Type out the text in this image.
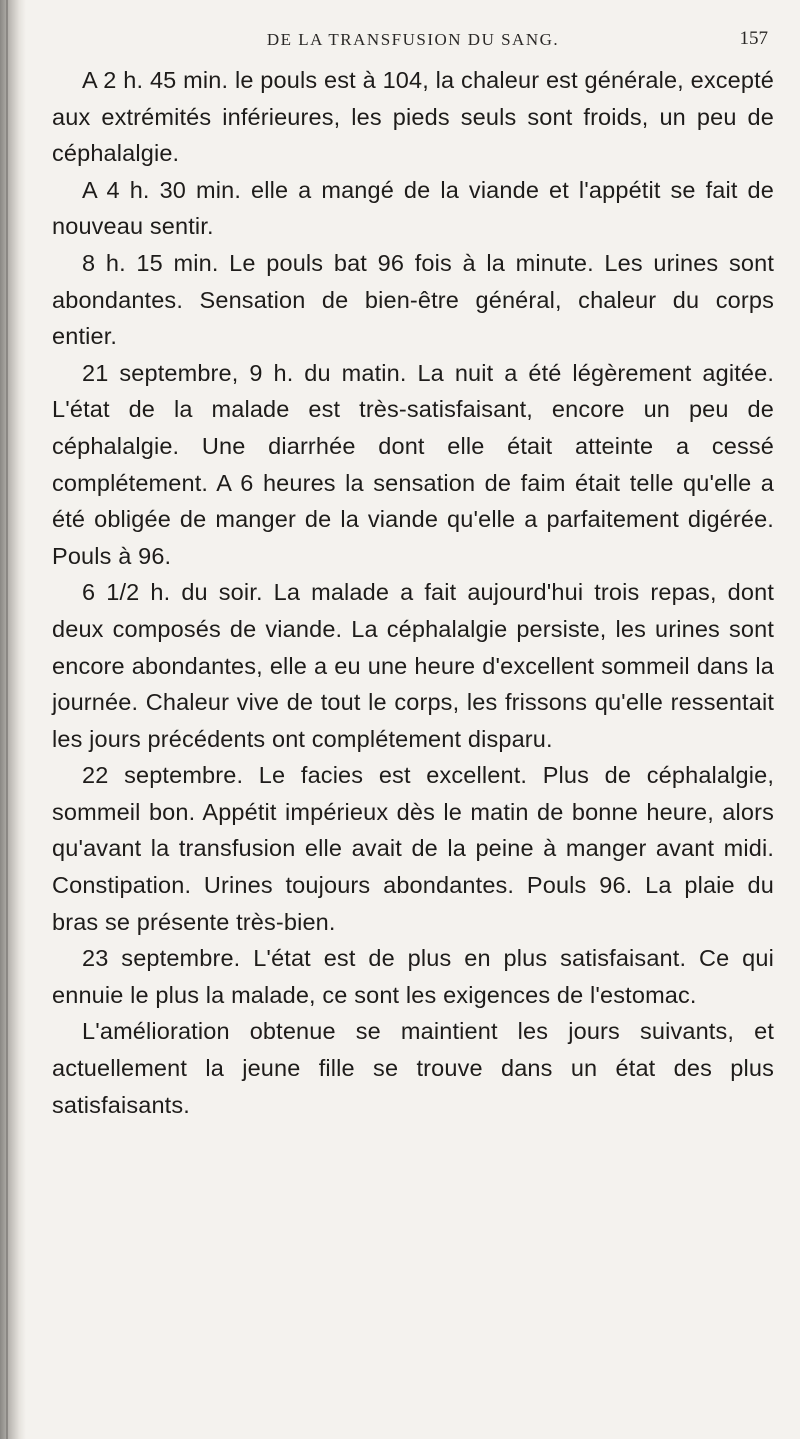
DE LA TRANSFUSION DU SANG.	157

A 2 h. 45 min. le pouls est à 104, la chaleur est générale, excepté aux extrémités inférieures, les pieds seuls sont froids, un peu de céphalalgie.

A 4 h. 30 min. elle a mangé de la viande et l'appétit se fait de nouveau sentir.

8 h. 15 min. Le pouls bat 96 fois à la minute. Les urines sont abondantes. Sensation de bien-être général, chaleur du corps entier.

21 septembre, 9 h. du matin. La nuit a été légèrement agitée. L'état de la malade est très-satisfaisant, encore un peu de céphalalgie. Une diarrhée dont elle était atteinte a cessé complétement. A 6 heures la sensation de faim était telle qu'elle a été obligée de manger de la viande qu'elle a parfaitement digérée. Pouls à 96.

6 1/2 h. du soir. La malade a fait aujourd'hui trois repas, dont deux composés de viande. La céphalalgie persiste, les urines sont encore abondantes, elle a eu une heure d'excellent sommeil dans la journée. Chaleur vive de tout le corps, les frissons qu'elle ressentait les jours précédents ont complétement disparu.

22 septembre. Le facies est excellent. Plus de céphalalgie, sommeil bon. Appétit impérieux dès le matin de bonne heure, alors qu'avant la transfusion elle avait de la peine à manger avant midi. Constipation. Urines toujours abondantes. Pouls 96. La plaie du bras se présente très-bien.

23 septembre. L'état est de plus en plus satisfaisant. Ce qui ennuie le plus la malade, ce sont les exigences de l'estomac.

L'amélioration obtenue se maintient les jours suivants, et actuellement la jeune fille se trouve dans un état des plus satisfaisants.
